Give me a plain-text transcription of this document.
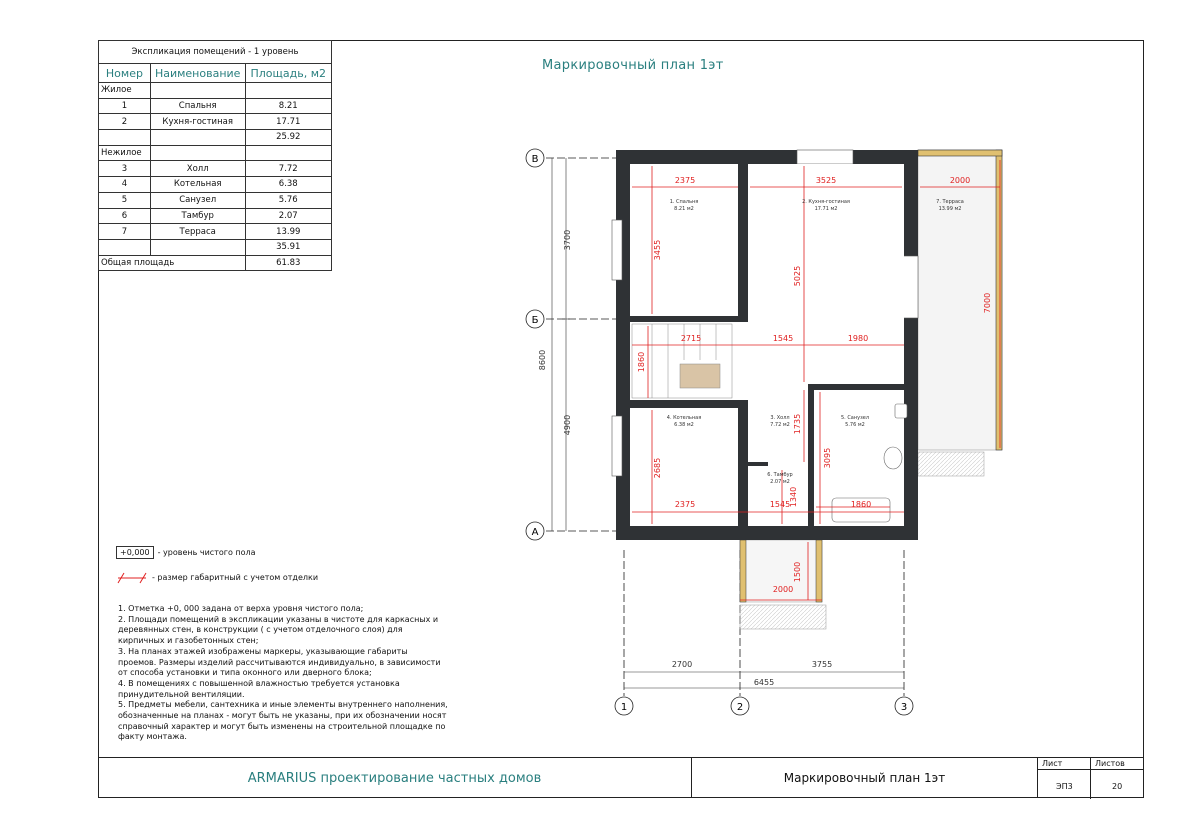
Экспликация помещений - 1 уровень		
Номер	Наименование	Площадь, м2
Жилое		
1	Спальня	8.21
2	Кухня-гостиная	17.71
		25.92
Нежилое		
3	Холл	7.72
4	Котельная	6.38
5	Санузел	5.76
6	Тамбур	2.07
7	Терраса	13.99
		35.91
Общая площадь		61.83
Маркировочный план 1эт
В
Б
А
1	2	3
3700
8600
4900
2700	3755
6455
2375	3525	2000
3455
5025
7000
2715	1545	1980
1860
1735
3095
2685
1340
2375	1545	1860
1500
2000
1. Спальня
8.21 м2
2. Кухня-гостиная
17.71 м2
7. Терраса
13.99 м2
4. Котельная
6.38 м2
3. Холл
7.72 м2
5. Санузел
5.76 м2
6. Тамбур
2.07 м2
+0,000 - уровень чистого пола
- размер габаритный с учетом отделки
1. Отметка +0, 000 задана от верха уровня чистого пола;
2. Площади помещений в экспликации указаны в чистоте для каркасных и деревянных стен, в конструкции ( с учетом отделочного слоя) для кирпичных и газобетонных стен;
3. На планах этажей изображены маркеры, указывающие габариты проемов. Размеры изделий рассчитываются индивидуально, в зависимости от способа установки и типа оконного или дверного блока;
4. В помещениях с повышенной влажностью требуется установка принудительной вентиляции.
5. Предметы мебели, сантехника и иные элементы внутреннего наполнения, обозначенные на планах - могут быть не указаны, при их обозначении носят справочный характер и могут быть изменены на строительной площадке по факту монтажа.
ARMARIUS проектирование частных домов	Маркировочный план 1эт
Лист	Листов
ЭП3	20
